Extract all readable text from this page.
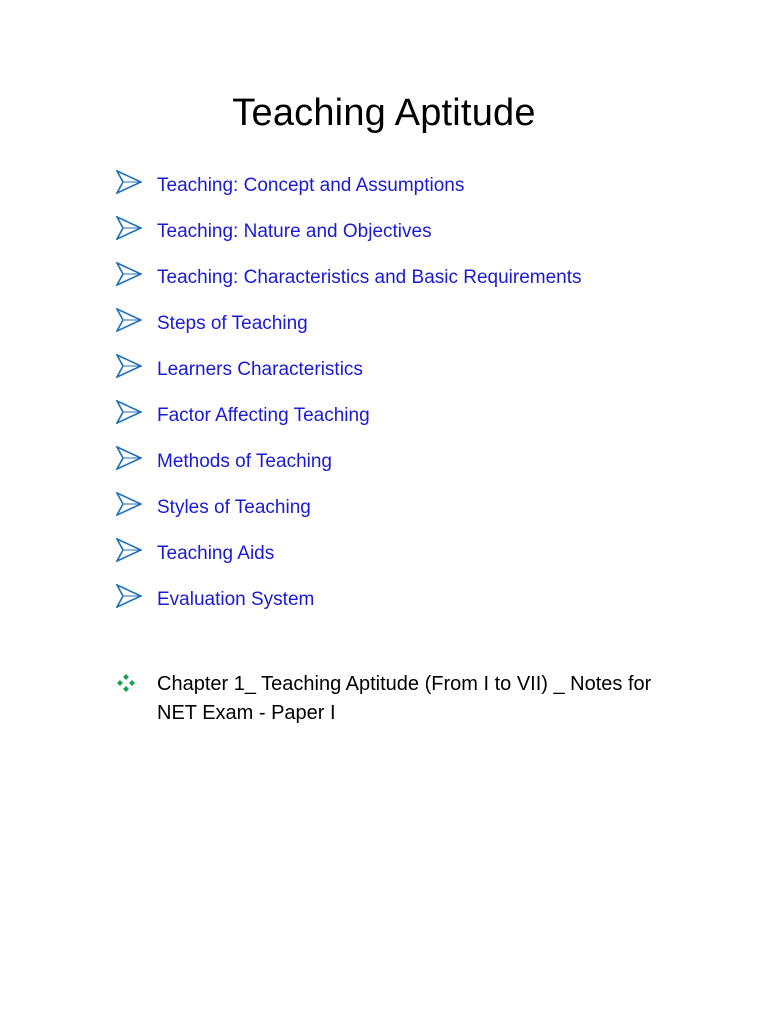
Teaching Aptitude
Teaching: Concept and Assumptions
Teaching: Nature and Objectives
Teaching: Characteristics and Basic Requirements
Steps of Teaching
Learners Characteristics
Factor Affecting Teaching
Methods of Teaching
Styles of Teaching
Teaching Aids
Evaluation System
Chapter 1_ Teaching Aptitude (From I to VII) _ Notes for NET Exam - Paper I
